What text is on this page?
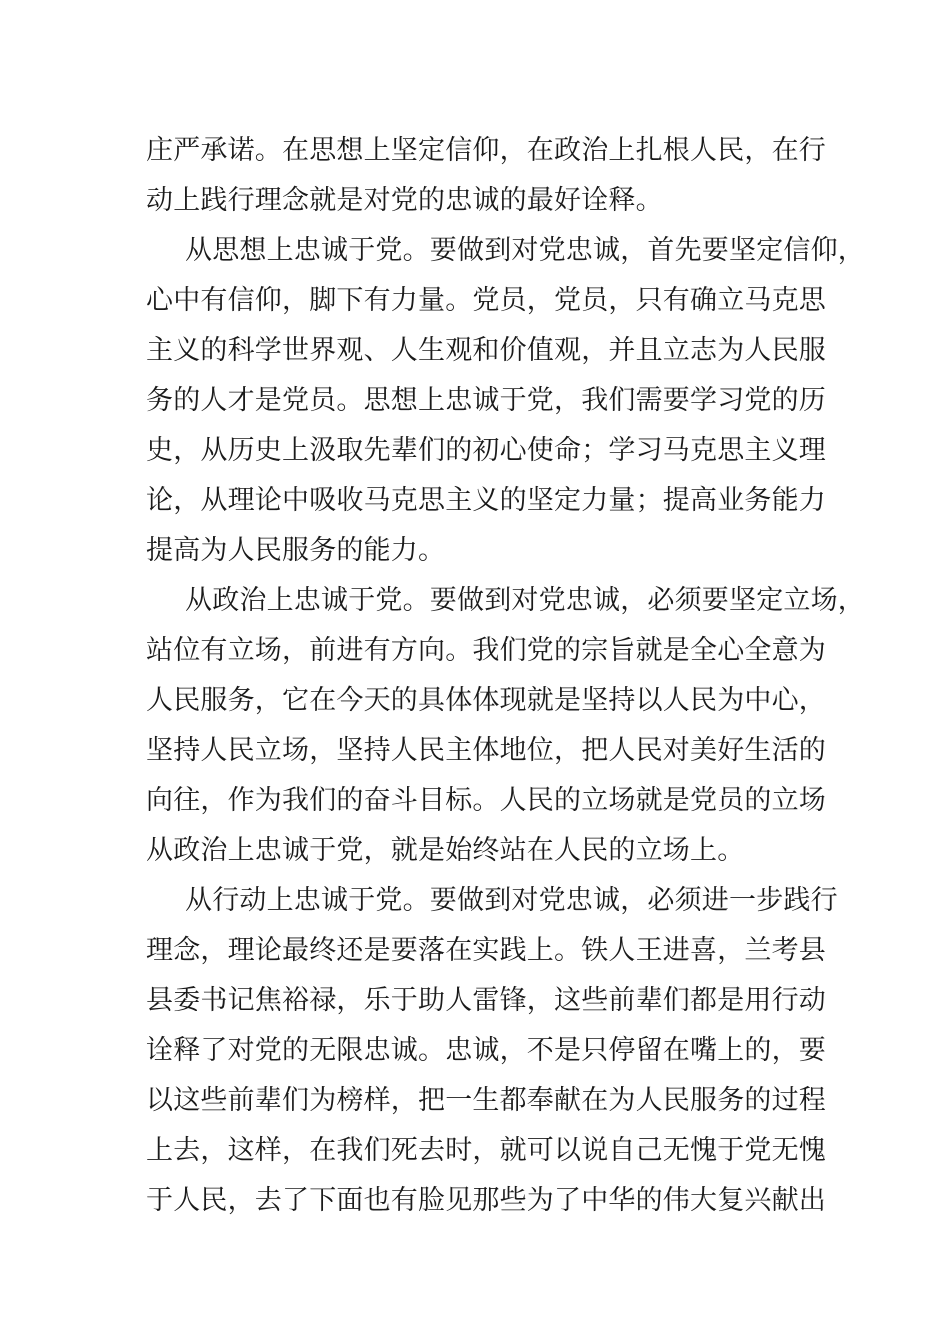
庄严承诺。在思想上坚定信仰，在政治上扎根人民，在行
动上践行理念就是对党的忠诚的最好诠释。
从思想上忠诚于党。要做到对党忠诚，首先要坚定信仰，
心中有信仰，脚下有力量。党员，党员，只有确立马克思
主义的科学世界观、人生观和价值观，并且立志为人民服
务的人才是党员。思想上忠诚于党，我们需要学习党的历
史，从历史上汲取先辈们的初心使命；学习马克思主义理
论，从理论中吸收马克思主义的坚定力量；提高业务能力
提高为人民服务的能力。
从政治上忠诚于党。要做到对党忠诚，必须要坚定立场，
站位有立场，前进有方向。我们党的宗旨就是全心全意为
人民服务，它在今天的具体体现就是坚持以人民为中心，
坚持人民立场，坚持人民主体地位，把人民对美好生活的
向往，作为我们的奋斗目标。人民的立场就是党员的立场
从政治上忠诚于党，就是始终站在人民的立场上。
从行动上忠诚于党。要做到对党忠诚，必须进一步践行
理念，理论最终还是要落在实践上。铁人王进喜，兰考县
县委书记焦裕禄，乐于助人雷锋，这些前辈们都是用行动
诠释了对党的无限忠诚。忠诚，不是只停留在嘴上的，要
以这些前辈们为榜样，把一生都奉献在为人民服务的过程
上去，这样，在我们死去时，就可以说自己无愧于党无愧
于人民，去了下面也有脸见那些为了中华的伟大复兴献出
